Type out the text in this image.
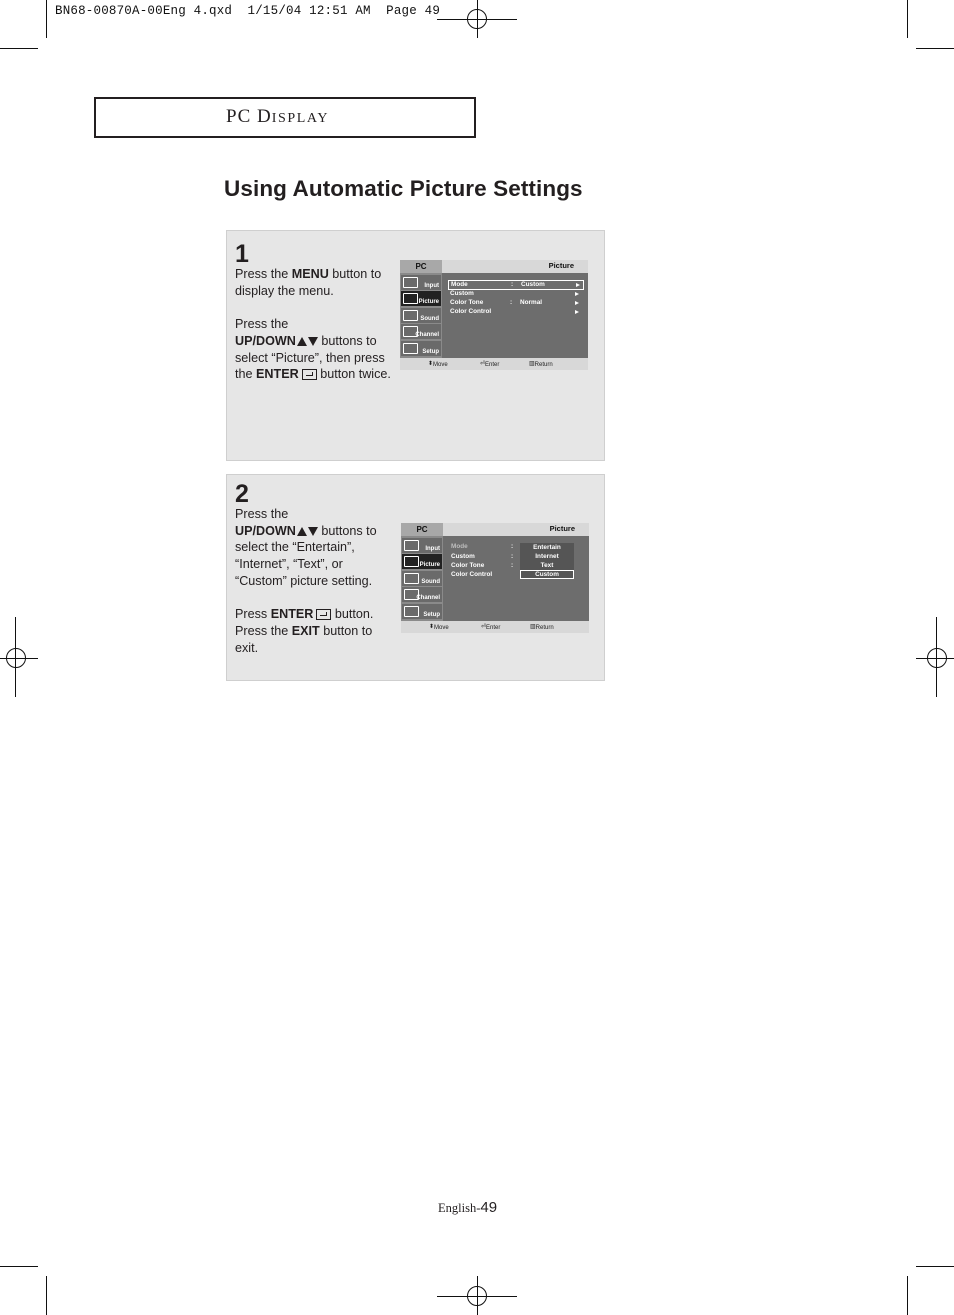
BN68-00870A-00Eng 4.qxd  1/15/04 12:51 AM  Page 49
PC DISPLAY
Using Automatic Picture Settings
1

Press the MENU button to display the menu.

Press the
UP/DOWN buttons to select “Picture”, then press the ENTER button twice.

PC	Picture
Input
Picture
Sound
Channel
Setup
Mode	: Custom
Custom
Color Tone	: Normal
Color Control
⬍ Move	⏎ Enter	▥ Return
2

Press the
UP/DOWN buttons to select the “Entertain”, “Internet”, “Text”, or “Custom” picture setting.

Press ENTER button. Press the EXIT button to exit.

PC	Picture
Input
Picture
Sound
Channel
Setup
Mode	:
Custom	:
Color Tone	:
Color Control
Entertain
Internet
Text
Custom
⬍ Move	⏎ Enter	▥ Return
English-49
